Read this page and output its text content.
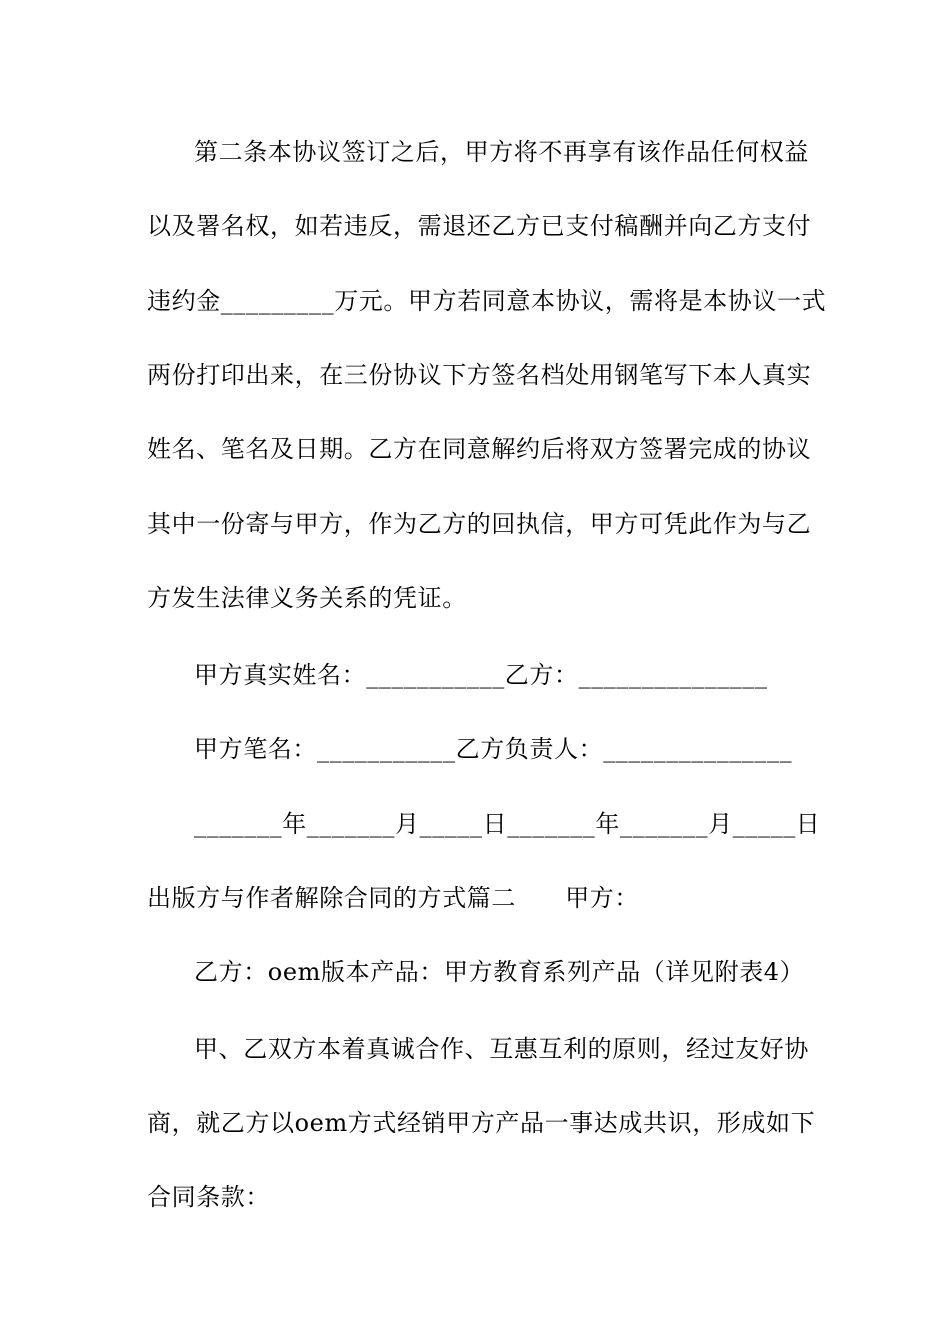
第二条本协议签订之后，甲方将不再享有该作品任何权益
以及署名权，如若违反，需退还乙方已支付稿酬并向乙方支付
违约金_________万元。甲方若同意本协议，需将是本协议一式
两份打印出来，在三份协议下方签名档处用钢笔写下本人真实
姓名、笔名及日期。乙方在同意解约后将双方签署完成的协议
其中一份寄与甲方，作为乙方的回执信，甲方可凭此作为与乙
方发生法律义务关系的凭证。
甲方真实姓名：___________乙方：_______________
甲方笔名：___________乙方负责人：_______________
_______年_______月_____日_______年_______月_____日
出版方与作者解除合同的方式篇二　　甲方：
乙方：oem版本产品：甲方教育系列产品（详见附表4）
甲、乙双方本着真诚合作、互惠互利的原则，经过友好协
商，就乙方以oem方式经销甲方产品一事达成共识，形成如下
合同条款：
